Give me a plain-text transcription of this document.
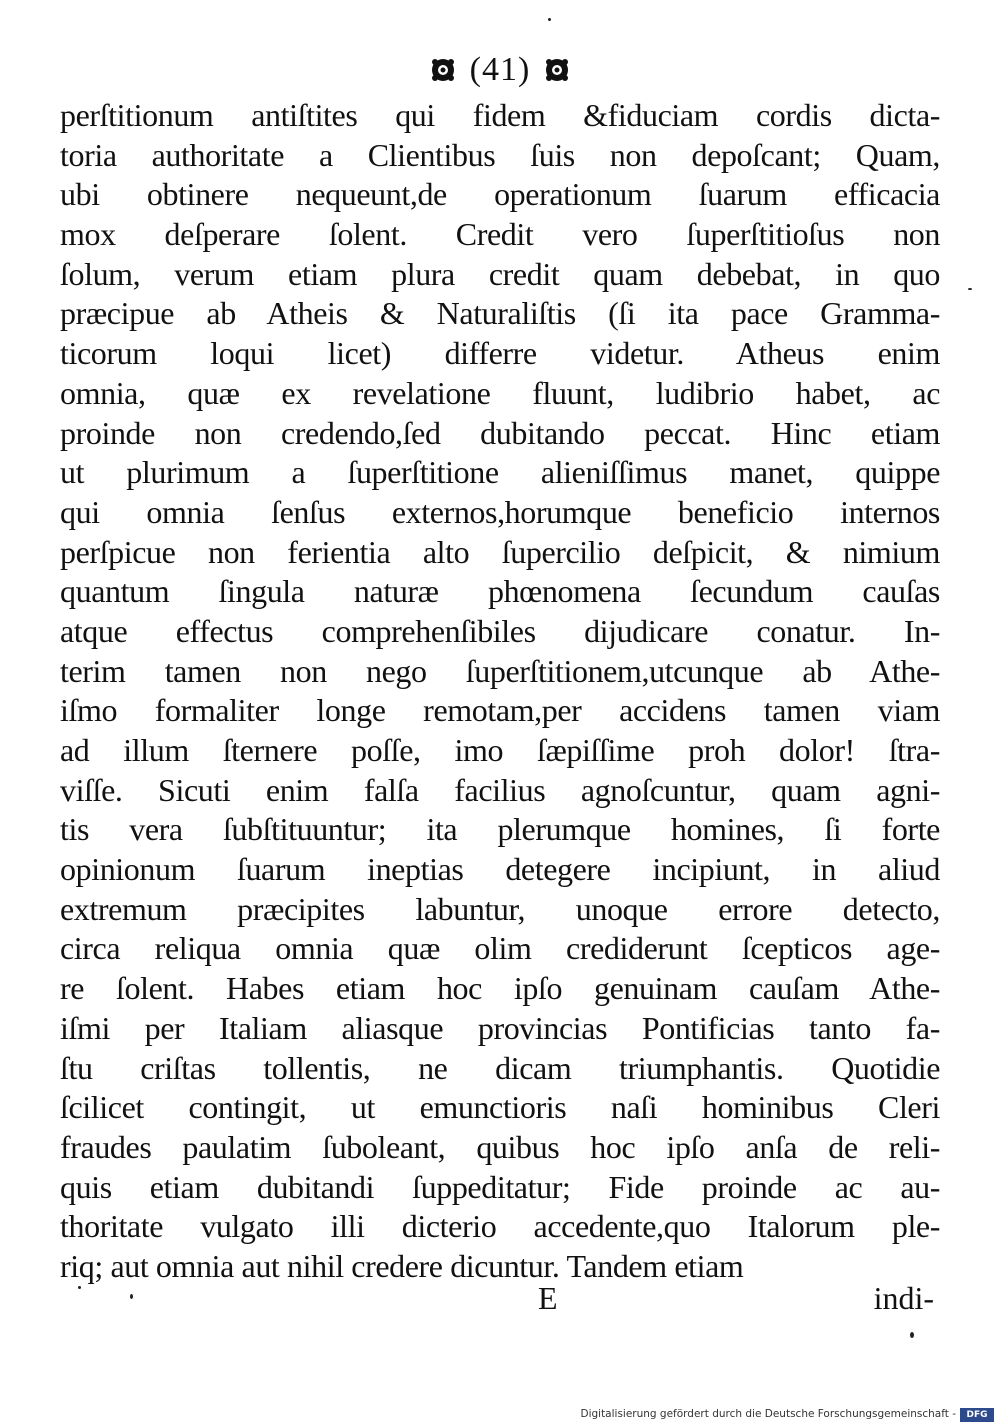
(41)
perſtitionum antiſtites qui fidem &fiduciam cordis dicta-
toria authoritate a Clientibus ſuis non depoſcant; Quam,
ubi obtinere nequeunt,de operationum ſuarum efficacia
mox deſperare ſolent. Credit vero ſuperſtitioſus non
ſolum, verum etiam plura credit quam debebat, in quo
præcipue ab Atheis & Naturaliſtis (ſi ita pace Gramma-
ticorum loqui licet) differre videtur. Atheus enim
omnia, quæ ex revelatione fluunt, ludibrio habet, ac
proinde non credendo,ſed dubitando peccat. Hinc etiam
ut plurimum a ſuperſtitione alieniſſimus manet, quippe
qui omnia ſenſus externos,horumque beneficio internos
perſpicue non ferientia alto ſupercilio deſpicit, & nimium
quantum ſingula naturæ phœnomena ſecundum cauſas
atque effectus comprehenſibiles dijudicare conatur. In-
terim tamen non nego ſuperſtitionem,utcunque ab Athe-
iſmo formaliter longe remotam,per accidens tamen viam
ad illum ſternere poſſe, imo ſæpiſſime proh dolor! ſtra-
viſſe. Sicuti enim falſa facilius agnoſcuntur, quam agni-
tis vera ſubſtituuntur; ita plerumque homines, ſi forte
opinionum ſuarum ineptias detegere incipiunt, in aliud
extremum præcipites labuntur, unoque errore detecto,
circa reliqua omnia quæ olim crediderunt ſcepticos age-
re ſolent. Habes etiam hoc ipſo genuinam cauſam Athe-
iſmi per Italiam aliasque provincias Pontificias tanto fa-
ſtu criſtas tollentis, ne dicam triumphantis. Quotidie
ſcilicet contingit, ut emunctioris naſi hominibus Cleri
fraudes paulatim ſuboleant, quibus hoc ipſo anſa de reli-
quis etiam dubitandi ſuppeditatur; Fide proinde ac au-
thoritate vulgato illi dicterio accedente,quo Italorum ple-
riq; aut omnia aut nihil credere dicuntur. Tandem etiam
E	indi-
Digitalisierung gefördert durch die Deutsche Forschungsgemeinschaft -	DFG
